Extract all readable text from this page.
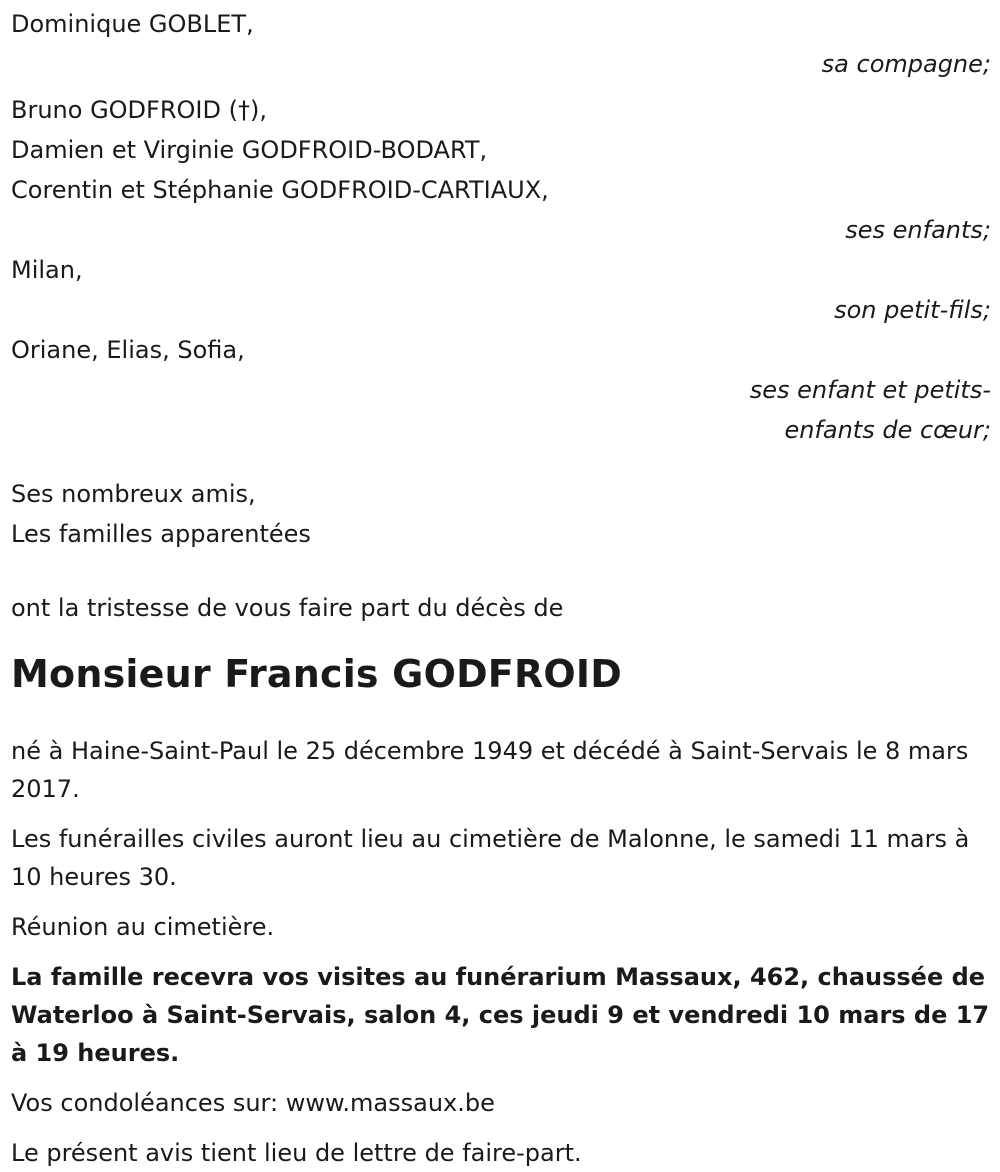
Dominique GOBLET,
sa compagne;
Bruno GODFROID (†),
Damien et Virginie GODFROID-BODART,
Corentin et Stéphanie GODFROID-CARTIAUX,
ses enfants;
Milan,
son petit-fils;
Oriane, Elias, Sofia,
ses enfant et petits-
enfants de cœur;
Ses nombreux amis,
Les familles apparentées
ont la tristesse de vous faire part du décès de
Monsieur Francis GODFROID

né à Haine-Saint-Paul le 25 décembre 1949 et décédé à Saint-Servais le 8 mars 2017.

Les funérailles civiles auront lieu au cimetière de Malonne, le samedi 11 mars à 10 heures 30.

Réunion au cimetière.

La famille recevra vos visites au funérarium Massaux, 462, chaussée de Waterloo à Saint-Servais, salon 4, ces jeudi 9 et vendredi 10 mars de 17 à 19 heures.

Vos condoléances sur: www.massaux.be

Le présent avis tient lieu de lettre de faire-part.
